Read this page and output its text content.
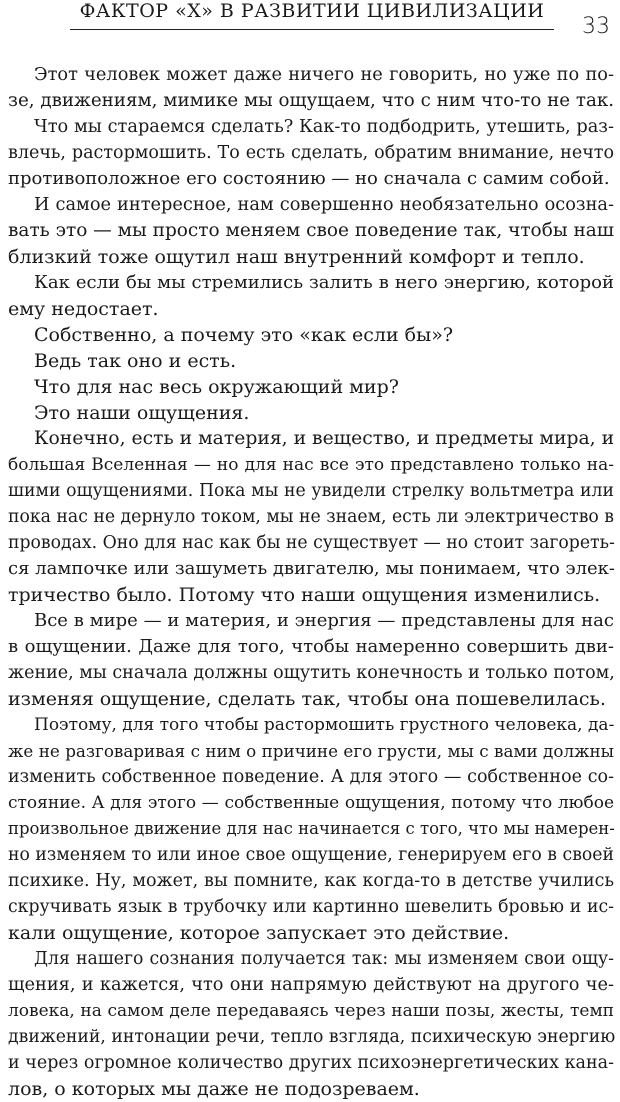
ФАКТОР «Х» В РАЗВИТИИ ЦИВИЛИЗАЦИИ
33
Этот человек может даже ничего не говорить, но уже по по-
зе, движениям, мимике мы ощущаем, что с ним что-то не так.
Что мы стараемся сделать? Как-то подбодрить, утешить, раз-
влечь, растормошить. То есть сделать, обратим внимание, нечто
противоположное его состоянию — но сначала с самим собой.
И самое интересное, нам совершенно необязательно осозна-
вать это — мы просто меняем свое поведение так, чтобы наш
близкий тоже ощутил наш внутренний комфорт и тепло.
Как если бы мы стремились залить в него энергию, которой
ему недостает.
Собственно, а почему это «как если бы»?
Ведь так оно и есть.
Что для нас весь окружающий мир?
Это наши ощущения.
Конечно, есть и материя, и вещество, и предметы мира, и
большая Вселенная — но для нас все это представлено только на-
шими ощущениями. Пока мы не увидели стрелку вольтметра или
пока нас не дернуло током, мы не знаем, есть ли электричество в
проводах. Оно для нас как бы не существует — но стоит загореть-
ся лампочке или зашуметь двигателю, мы понимаем, что элек-
тричество было. Потому что наши ощущения изменились.
Все в мире — и материя, и энергия — представлены для нас
в ощущении. Даже для того, чтобы намеренно совершить дви-
жение, мы сначала должны ощутить конечность и только потом,
изменяя ощущение, сделать так, чтобы она пошевелилась.
Поэтому, для того чтобы растормошить грустного человека, да-
же не разговаривая с ним о причине его грусти, мы с вами должны
изменить собственное поведение. А для этого — собственное со-
стояние. А для этого — собственные ощущения, потому что любое
произвольное движение для нас начинается с того, что мы намерен-
но изменяем то или иное свое ощущение, генерируем его в своей
психике. Ну, может, вы помните, как когда-то в детстве учились
скручивать язык в трубочку или картинно шевелить бровью и ис-
кали ощущение, которое запускает это действие.
Для нашего сознания получается так: мы изменяем свои ощу-
щения, и кажется, что они напрямую действуют на другого че-
ловека, на самом деле передаваясь через наши позы, жесты, темп
движений, интонации речи, тепло взгляда, психическую энергию
и через огромное количество других психоэнергетических кана-
лов, о которых мы даже не подозреваем.
